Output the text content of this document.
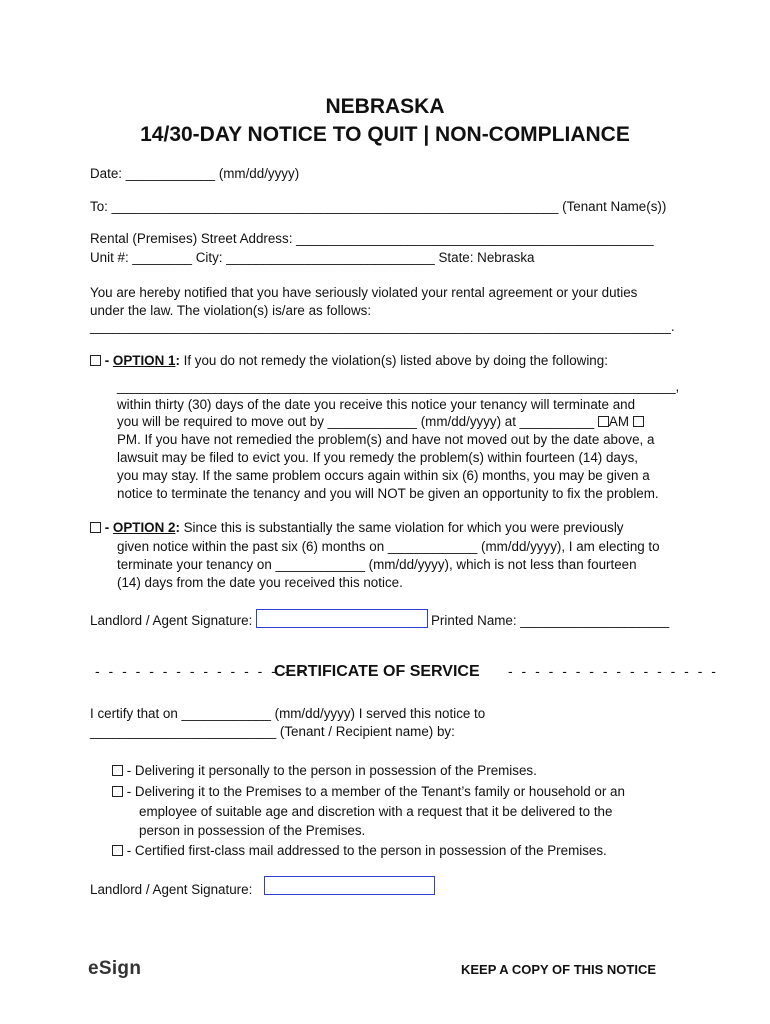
NEBRASKA
14/30-DAY NOTICE TO QUIT | NON-COMPLIANCE
Date: ____________ (mm/dd/yyyy)
To: ____________________________________________________________ (Tenant Name(s))
Rental (Premises) Street Address: ________________________________________________
Unit #: ________ City: ____________________________ State: Nebraska
You are hereby notified that you have seriously violated your rental agreement or your duties
under the law. The violation(s) is/are as follows:
______________________________________________________________________________.
- OPTION 1: If you do not remedy the violation(s) listed above by doing the following:
___________________________________________________________________________,
within thirty (30) days of the date you receive this notice your tenancy will terminate and
you will be required to move out by ____________ (mm/dd/yyyy) at __________ AM
PM. If you have not remedied the problem(s) and have not moved out by the date above, a
lawsuit may be filed to evict you. If you remedy the problem(s) within fourteen (14) days,
you may stay. If the same problem occurs again within six (6) months, you may be given a
notice to terminate the tenancy and you will NOT be given an opportunity to fix the problem.
- OPTION 2: Since this is substantially the same violation for which you were previously
given notice within the past six (6) months on ____________ (mm/dd/yyyy), I am electing to
terminate your tenancy on ____________ (mm/dd/yyyy), which is not less than fourteen
(14) days from the date you received this notice.
Landlord / Agent Signature:	Printed Name: ____________________
- - - - - - - - - - - - - - - -
CERTIFICATE OF SERVICE - - - - - - - - - - - - - - - -
I certify that on ____________ (mm/dd/yyyy) I served this notice to
_________________________ (Tenant / Recipient name) by:
- Delivering it personally to the person in possession of the Premises.
- Delivering it to the Premises to a member of the Tenant’s family or household or an
employee of suitable age and discretion with a request that it be delivered to the
person in possession of the Premises.
- Certified first-class mail addressed to the person in possession of the Premises.
Landlord / Agent Signature:
eSign	KEEP A COPY OF THIS NOTICE
